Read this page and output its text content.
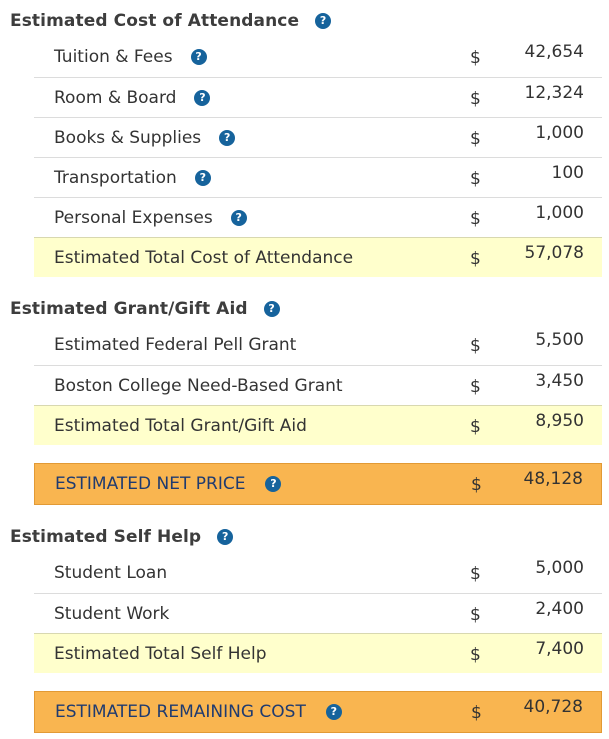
Estimated Cost of Attendance	?
Tuition & Fees	?	$	42,654
Room & Board	?	$	12,324
Books & Supplies	?	$	1,000
Transportation	?	$	100
Personal Expenses	?	$	1,000
Estimated Total Cost of Attendance	$	57,078
Estimated Grant/Gift Aid	?
Estimated Federal Pell Grant	$	5,500
Boston College Need-Based Grant	$	3,450
Estimated Total Grant/Gift Aid	$	8,950
ESTIMATED NET PRICE	?	$ 48,128
Estimated Self Help	?
Student Loan	$	5,000
Student Work	$	2,400
Estimated Total Self Help	$	7,400
ESTIMATED REMAINING COST	?	$ 40,728
